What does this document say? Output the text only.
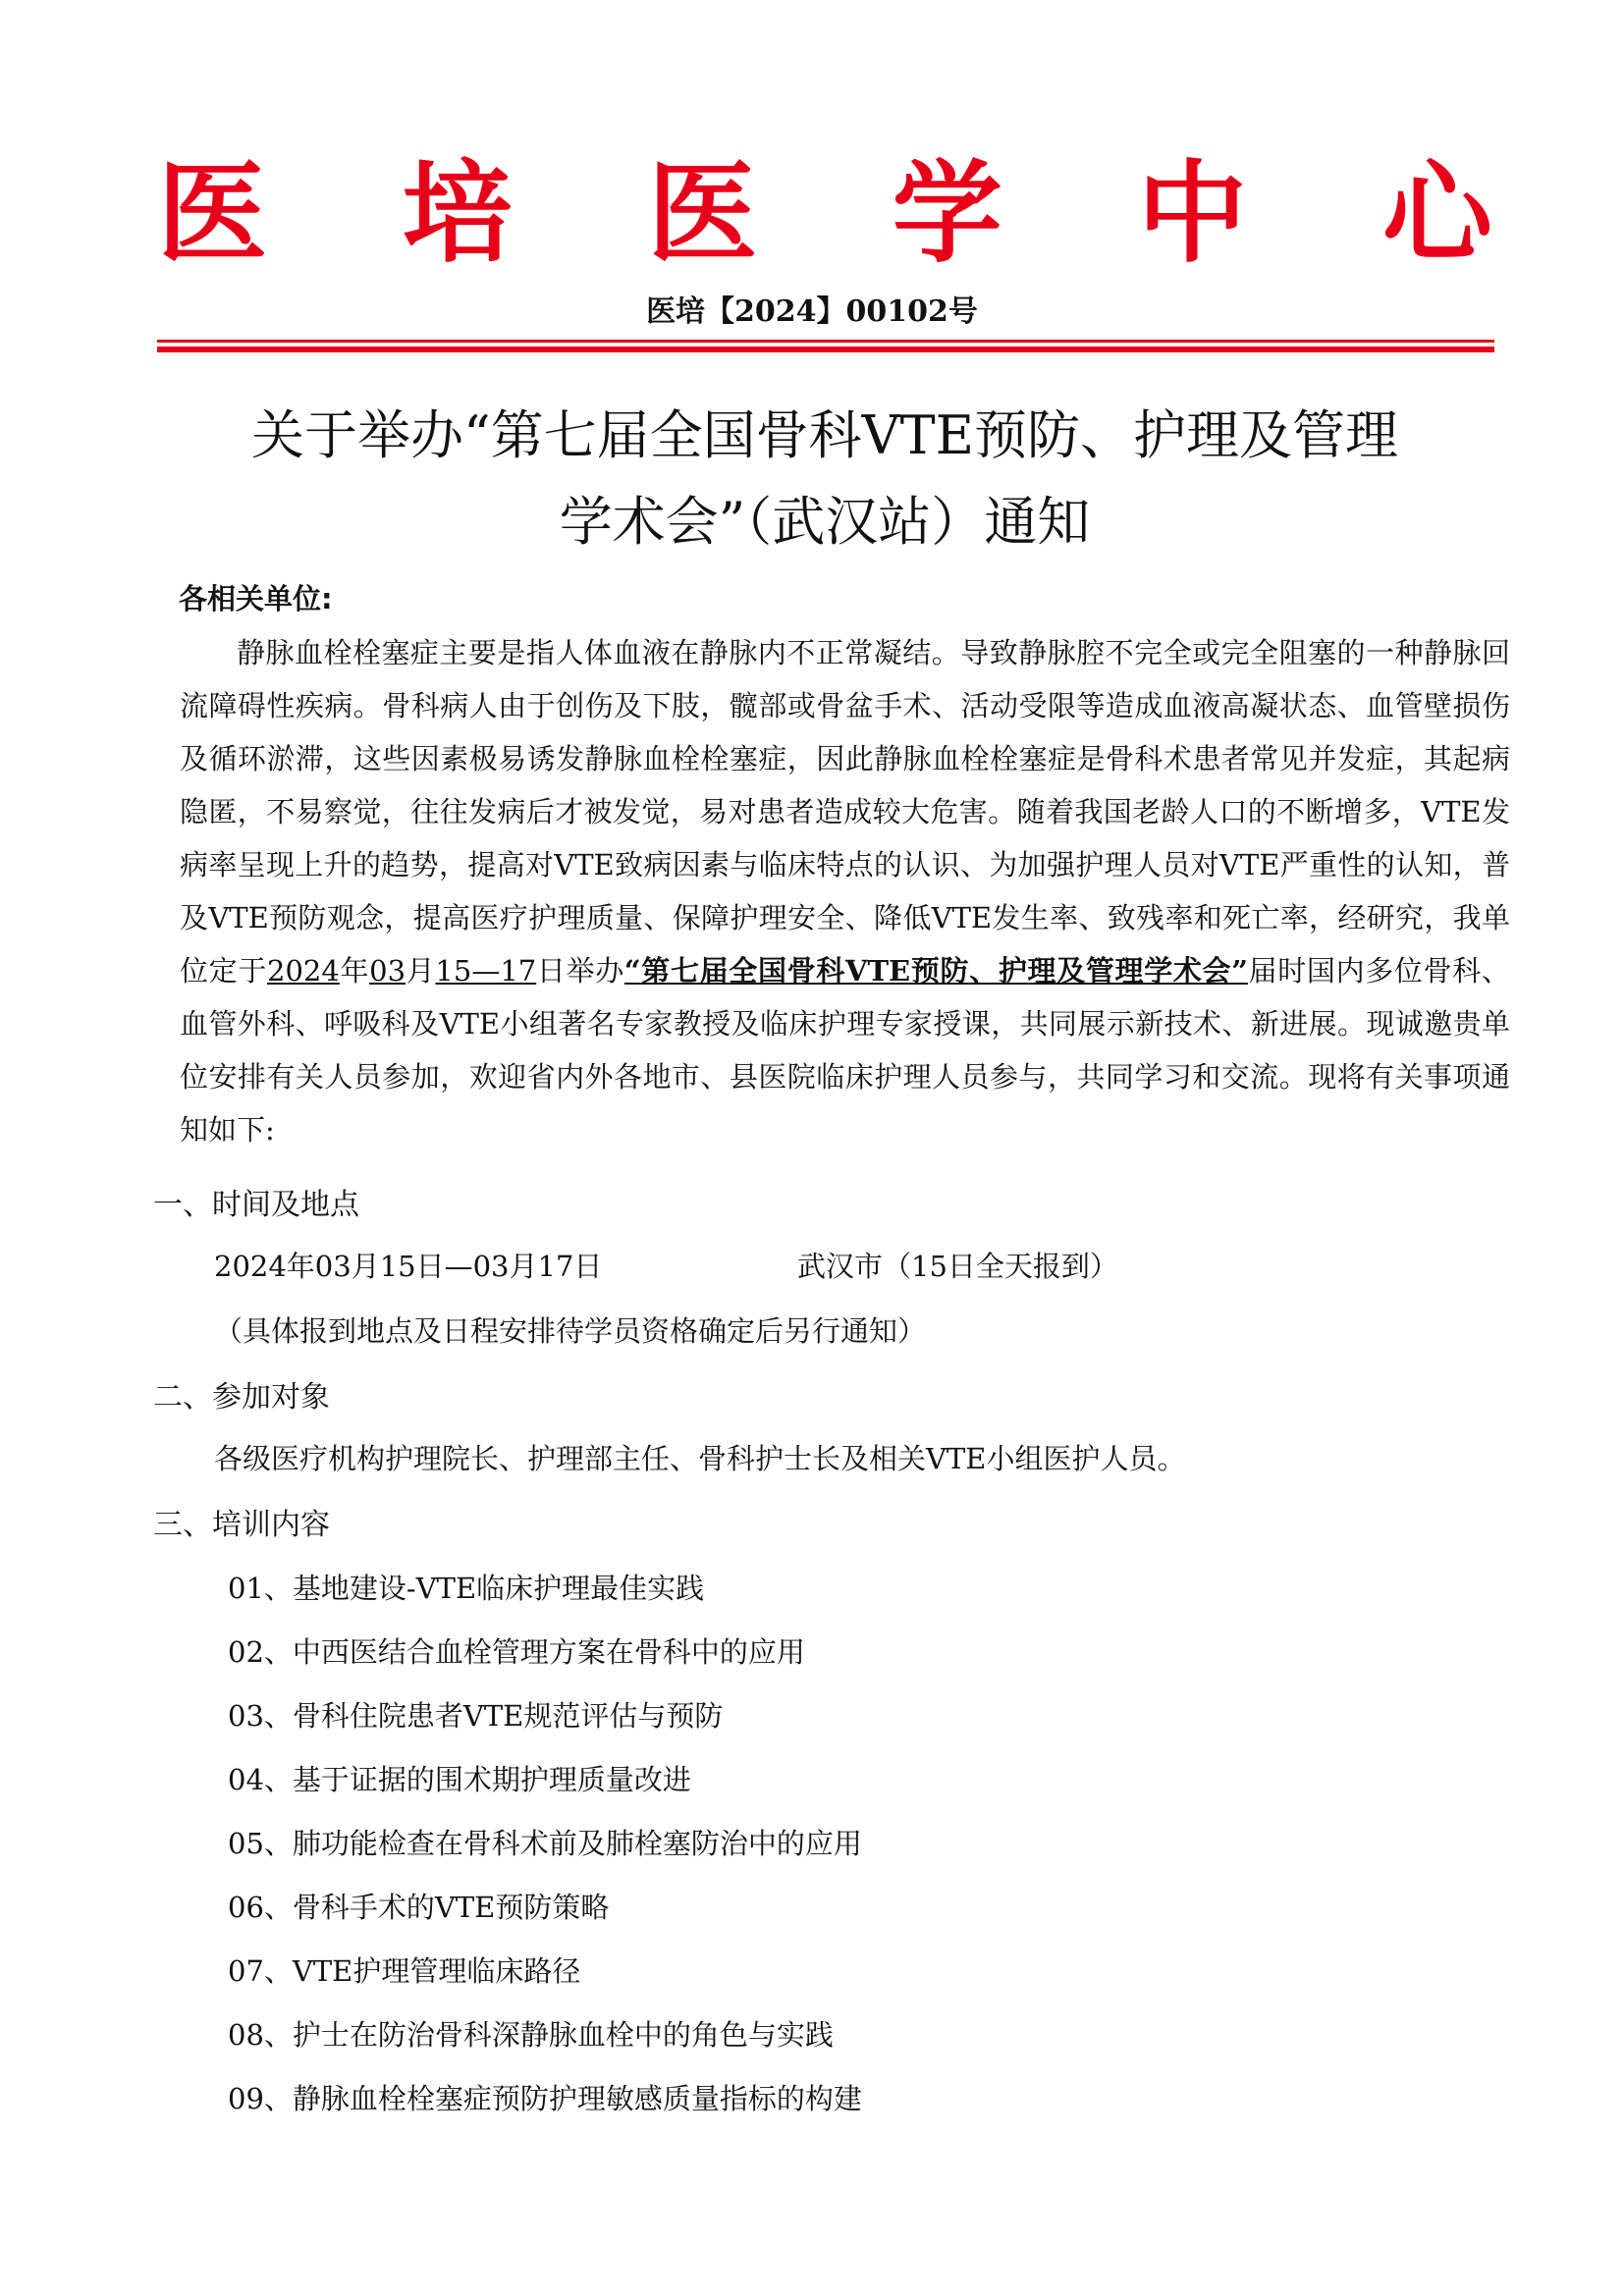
医 培 医 学 中 心
医培【2024】00102号
关于举办“第七届全国骨科VTE预防、护理及管理
学术会”（武汉站）通知
各相关单位:
静脉血栓栓塞症主要是指人体血液在静脉内不正常凝结。导致静脉腔不完全或完全阻塞的一种静脉回流障碍性疾病。骨科病人由于创伤及下肢，髋部或骨盆手术、活动受限等造成血液高凝状态、血管壁损伤及循环淤滞，这些因素极易诱发静脉血栓栓塞症，因此静脉血栓栓塞症是骨科术患者常见并发症，其起病隐匿，不易察觉，往往发病后才被发觉，易对患者造成较大危害。随着我国老龄人口的不断增多，VTE发病率呈现上升的趋势，提高对VTE致病因素与临床特点的认识、为加强护理人员对VTE严重性的认知，普及VTE预防观念，提高医疗护理质量、保障护理安全、降低VTE发生率、致残率和死亡率，经研究，我单位定于2024年03月15—17日举办“第七届全国骨科VTE预防、护理及管理学术会”届时国内多位骨科、血管外科、呼吸科及VTE小组著名专家教授及临床护理专家授课，共同展示新技术、新进展。现诚邀贵单位安排有关人员参加，欢迎省内外各地市、县医院临床护理人员参与，共同学习和交流。现将有关事项通知如下:
一、时间及地点
2024年03月15日—03月17日	武汉市（15日全天报到）
（具体报到地点及日程安排待学员资格确定后另行通知）
二、参加对象
各级医疗机构护理院长、护理部主任、骨科护士长及相关VTE小组医护人员。
三、培训内容
01、基地建设-VTE临床护理最佳实践
02、中西医结合血栓管理方案在骨科中的应用
03、骨科住院患者VTE规范评估与预防
04、基于证据的围术期护理质量改进
05、肺功能检查在骨科术前及肺栓塞防治中的应用
06、骨科手术的VTE预防策略
07、VTE护理管理临床路径
08、护士在防治骨科深静脉血栓中的角色与实践
09、静脉血栓栓塞症预防护理敏感质量指标的构建
